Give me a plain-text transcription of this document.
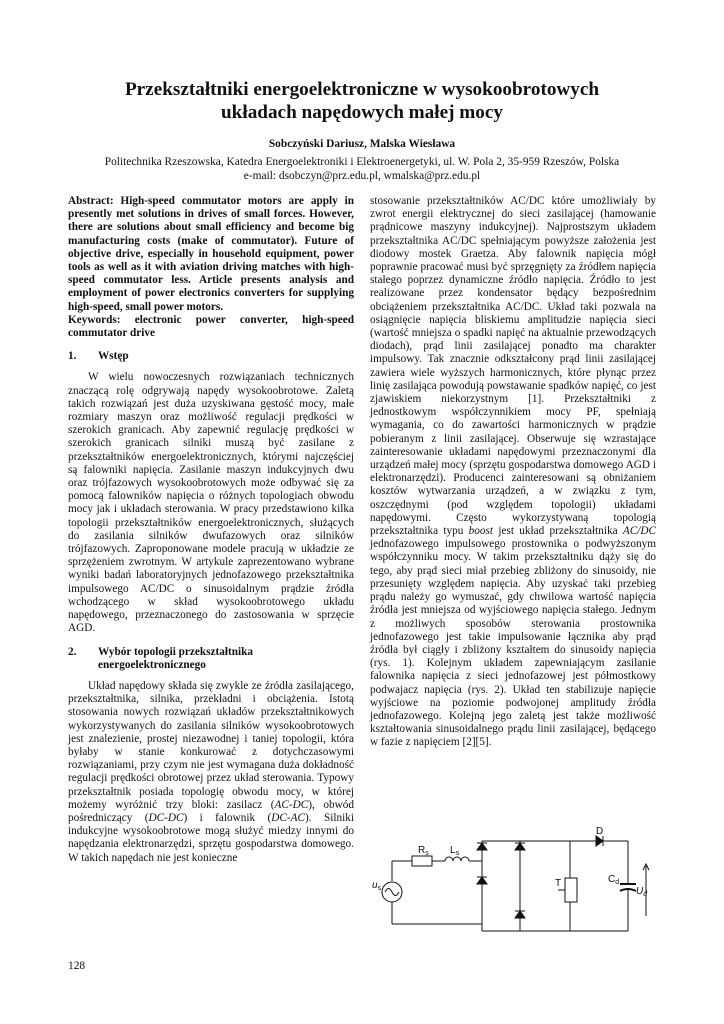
Przekształtniki energoelektroniczne w wysokoobrotowych
układach napędowych małej mocy
Sobczyński Dariusz, Malska Wiesława
Politechnika Rzeszowska, Katedra Energoelektroniki i Elektroenergetyki, ul. W. Pola 2, 35-959 Rzeszów, Polska
e-mail: dsobczyn@prz.edu.pl, wmalska@prz.edu.pl

Abstract: High-speed commutator motors are apply in presently met solutions in drives of small forces. However, there are solutions about small efficiency and become big manufacturing costs (make of commutator). Future of objective drive, especially in household equipment, power tools as well as it with aviation driving matches with high-speed commutator less. Article presents analysis and employment of power electronics converters for supplying high-speed, small power motors.

Keywords: electronic power converter, high-speed commutator drive

1.	Wstęp

W wielu nowoczesnych rozwiązaniach technicznych znaczącą rolę odgrywają napędy wysokoobrotowe. Zaletą takich rozwiązań jest duża uzyskiwana gęstość mocy, małe rozmiary maszyn oraz możliwość regulacji prędkości w szerokich granicach. Aby zapewnić regulację prędkości w szerokich granicach silniki muszą być zasilane z przekształtników energoelektronicznych, którymi najczęściej są falowniki napięcia. Zasilanie maszyn indukcyjnych dwu oraz trójfazowych wysokoobrotowych może odbywać się za pomocą falowników napięcia o różnych topologiach obwodu mocy jak i układach sterowania. W pracy przedstawiono kilka topologii przekształtników energoelektronicznych, służących do zasilania silników dwufazowych oraz silników trójfazowych. Zaproponowane modele pracują w układzie ze sprzężeniem zwrotnym. W artykule zaprezentowano wybrane wyniki badań laboratoryjnych jednofazowego przekształtnika impulsowego AC/DC o sinusoidalnym prądzie źródła wchodzącego w skład wysokoobrotowego układu napędowego, przeznaczonego do zastosowania w sprzęcie AGD.

2.	Wybór topologii przekształtnika energoelektronicznego

Układ napędowy składa się zwykle ze źródła zasilającego, przekształtnika, silnika, przekładni i obciążenia. Istotą stosowania nowych rozwiązań układów przekształtnikowych wykorzystywanych do zasilania silników wysokoobrotowych jest znalezienie, prostej niezawodnej i taniej topologii, która byłaby w stanie konkurować z dotychczasowymi rozwiązaniami, przy czym nie jest wymagana duża dokładność regulacji prędkości obrotowej przez układ sterowania. Typowy przekształtnik posiada topologię obwodu mocy, w której możemy wyróżnić trzy bloki: zasilacz (AC-DC), obwód pośredniczący (DC-DC) i falownik (DC-AC). Silniki indukcyjne wysokoobrotowe mogą służyć miedzy innymi do napędzania elektronarzędzi, sprzętu gospodarstwa domowego. W takich napędach nie jest konieczne

stosowanie przekształtników AC/DC które umożliwiały by zwrot energii elektrycznej do sieci zasilającej (hamowanie prądnicowe maszyny indukcyjnej). Najprostszym układem przekształtnika AC/DC spełniającym powyższe założenia jest diodowy mostek Graetza. Aby falownik napięcia mógł poprawnie pracować musi być sprzęgnięty za źródłem napięcia stałego poprzez dynamiczne źródło napięcia. Źródło to jest realizowane przez kondensator będący bezpośrednim obciążeniem przekształtnika AC/DC. Układ taki pozwala na osiągnięcie napięcia bliskiemu amplitudzie napięcia sieci (wartość mniejsza o spadki napięć na aktualnie przewodzących diodach), prąd linii zasilającej ponadto ma charakter impulsowy. Tak znacznie odkształcony prąd linii zasilającej zawiera wiele wyższych harmonicznych, które płynąc przez linię zasilająca powodują powstawanie spadków napięć, co jest zjawiskiem niekorzystnym [1]. Przekształtniki z jednostkowym współczynnikiem mocy PF, spełniają wymagania, co do zawartości harmonicznych w prądzie pobieranym z linii zasilającej. Obserwuje się wzrastające zainteresowanie układami napędowymi przeznaczonymi dla urządzeń małej mocy (sprzętu gospodarstwa domowego AGD i elektronarzędzi). Producenci zainteresowani są obniżaniem kosztów wytwarzania urządzeń, a w związku z tym, oszczędnymi (pod względem topologii) układami napędowymi. Często wykorzystywaną topologią przekształtnika typu boost jest układ przekształtnika AC/DC jednofazowego impulsowego prostownika o podwyższonym współczynniku mocy. W takim przekształtniku dąży się do tego, aby prąd sieci miał przebieg zbliżony do sinusoidy, nie przesunięty względem napięcia. Aby uzyskać taki przebieg prądu należy go wymuszać, gdy chwilowa wartość napięcia źródła jest mniejsza od wyjściowego napięcia stałego. Jednym z możliwych sposobów sterowania prostownika jednofazowego jest takie impulsowanie łącznika aby prąd źródła był ciągły i zbliżony kształtem do sinusoidy napięcia (rys. 1). Kolejnym układem zapewniającym zasilanie falownika napięcia z sieci jednofazowej jest półmostkowy podwajacz napięcia (rys. 2). Układ ten stabilizuje napięcie wyjściowe na poziomie podwojonej amplitudy źródła jednofazowego. Kolejną jego zaletą jest także możliwość kształtowania sinusoidalnego prądu linii zasilającej, będącego w fazie z napięciem [2][5].

D
$R_s$ $L_s$
T	$C_d$
$u_s$	$U_d$
128
